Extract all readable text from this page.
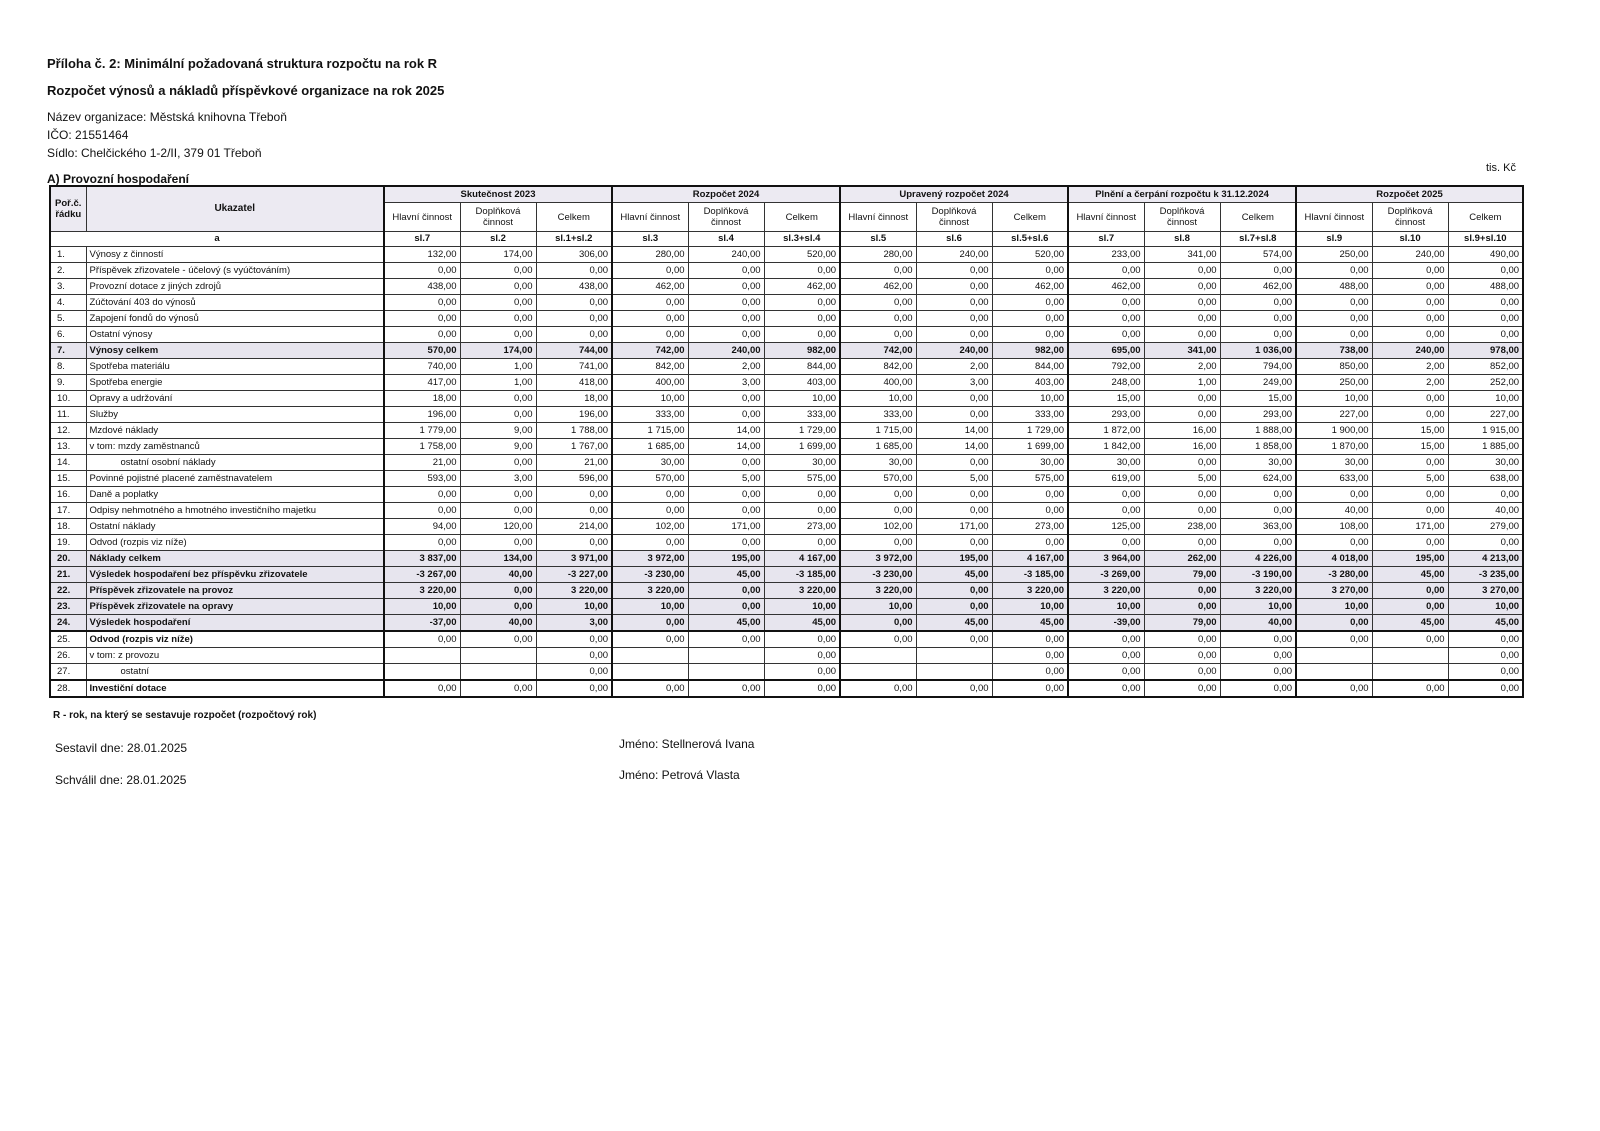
Příloha č. 2: Minimální požadovaná struktura rozpočtu na rok R
Rozpočet výnosů a nákladů příspěvkové organizace na rok 2025
Název organizace: Městská knihovna Třeboň
IČO: 21551464
Sídlo: Chelčického 1-2/II, 379 01 Třeboň
A) Provozní hospodaření
tis. Kč
Poř.č. řádku	Ukazatel	Skutečnost 2023			Rozpočet 2024			Upravený rozpočet 2024			Plnění a čerpání rozpočtu k 31.12.2024			Rozpočet 2025		
		Hlavní činnost	Doplňková činnost	Celkem	Hlavní činnost	Doplňková činnost	Celkem	Hlavní činnost	Doplňková činnost	Celkem	Hlavní činnost	Doplňková činnost	Celkem	Hlavní činnost	Doplňková činnost	Celkem
a		sl.7	sl.2	sl.1+sl.2	sl.3	sl.4	sl.3+sl.4	sl.5	sl.6	sl.5+sl.6	sl.7	sl.8	sl.7+sl.8	sl.9	sl.10	sl.9+sl.10
1.	Výnosy z činností	132,00	174,00	306,00	280,00	240,00	520,00	280,00	240,00	520,00	233,00	341,00	574,00	250,00	240,00	490,00
2.	Příspěvek zřizovatele - účelový (s vyúčtováním)	0,00	0,00	0,00	0,00	0,00	0,00	0,00	0,00	0,00	0,00	0,00	0,00	0,00	0,00	0,00
3.	Provozní dotace z jiných zdrojů	438,00	0,00	438,00	462,00	0,00	462,00	462,00	0,00	462,00	462,00	0,00	462,00	488,00	0,00	488,00
4.	Zúčtování 403 do výnosů	0,00	0,00	0,00	0,00	0,00	0,00	0,00	0,00	0,00	0,00	0,00	0,00	0,00	0,00	0,00
5.	Zapojení fondů do výnosů	0,00	0,00	0,00	0,00	0,00	0,00	0,00	0,00	0,00	0,00	0,00	0,00	0,00	0,00	0,00
6.	Ostatní výnosy	0,00	0,00	0,00	0,00	0,00	0,00	0,00	0,00	0,00	0,00	0,00	0,00	0,00	0,00	0,00
7.	Výnosy celkem	570,00	174,00	744,00	742,00	240,00	982,00	742,00	240,00	982,00	695,00	341,00	1 036,00	738,00	240,00	978,00
8.	Spotřeba materiálu	740,00	1,00	741,00	842,00	2,00	844,00	842,00	2,00	844,00	792,00	2,00	794,00	850,00	2,00	852,00
9.	Spotřeba energie	417,00	1,00	418,00	400,00	3,00	403,00	400,00	3,00	403,00	248,00	1,00	249,00	250,00	2,00	252,00
10.	Opravy a udržování	18,00	0,00	18,00	10,00	0,00	10,00	10,00	0,00	10,00	15,00	0,00	15,00	10,00	0,00	10,00
11.	Služby	196,00	0,00	196,00	333,00	0,00	333,00	333,00	0,00	333,00	293,00	0,00	293,00	227,00	0,00	227,00
12.	Mzdové náklady	1 779,00	9,00	1 788,00	1 715,00	14,00	1 729,00	1 715,00	14,00	1 729,00	1 872,00	16,00	1 888,00	1 900,00	15,00	1 915,00
13.	v tom: mzdy zaměstnanců	1 758,00	9,00	1 767,00	1 685,00	14,00	1 699,00	1 685,00	14,00	1 699,00	1 842,00	16,00	1 858,00	1 870,00	15,00	1 885,00
14.	ostatní osobní náklady	21,00	0,00	21,00	30,00	0,00	30,00	30,00	0,00	30,00	30,00	0,00	30,00	30,00	0,00	30,00
15.	Povinné pojistné placené zaměstnavatelem	593,00	3,00	596,00	570,00	5,00	575,00	570,00	5,00	575,00	619,00	5,00	624,00	633,00	5,00	638,00
16.	Daně a poplatky	0,00	0,00	0,00	0,00	0,00	0,00	0,00	0,00	0,00	0,00	0,00	0,00	0,00	0,00	0,00
17.	Odpisy nehmotného a hmotného investičního majetku	0,00	0,00	0,00	0,00	0,00	0,00	0,00	0,00	0,00	0,00	0,00	0,00	40,00	0,00	40,00
18.	Ostatní náklady	94,00	120,00	214,00	102,00	171,00	273,00	102,00	171,00	273,00	125,00	238,00	363,00	108,00	171,00	279,00
19.	Odvod (rozpis viz níže)	0,00	0,00	0,00	0,00	0,00	0,00	0,00	0,00	0,00	0,00	0,00	0,00	0,00	0,00	0,00
20.	Náklady celkem	3 837,00	134,00	3 971,00	3 972,00	195,00	4 167,00	3 972,00	195,00	4 167,00	3 964,00	262,00	4 226,00	4 018,00	195,00	4 213,00
21.	Výsledek hospodaření bez příspěvku zřizovatele	-3 267,00	40,00	-3 227,00	-3 230,00	45,00	-3 185,00	-3 230,00	45,00	-3 185,00	-3 269,00	79,00	-3 190,00	-3 280,00	45,00	-3 235,00
22.	Příspěvek zřizovatele na provoz	3 220,00	0,00	3 220,00	3 220,00	0,00	3 220,00	3 220,00	0,00	3 220,00	3 220,00	0,00	3 220,00	3 270,00	0,00	3 270,00
23.	Příspěvek zřizovatele na opravy	10,00	0,00	10,00	10,00	0,00	10,00	10,00	0,00	10,00	10,00	0,00	10,00	10,00	0,00	10,00
24.	Výsledek hospodaření	-37,00	40,00	3,00	0,00	45,00	45,00	0,00	45,00	45,00	-39,00	79,00	40,00	0,00	45,00	45,00
25.	Odvod (rozpis viz níže)	0,00	0,00	0,00	0,00	0,00	0,00	0,00	0,00	0,00	0,00	0,00	0,00	0,00	0,00	0,00
26.	v tom: z provozu			0,00			0,00			0,00	0,00	0,00	0,00			0,00
27.	ostatní			0,00			0,00			0,00	0,00	0,00	0,00			0,00
28.	Investiční dotace	0,00	0,00	0,00	0,00	0,00	0,00	0,00	0,00	0,00	0,00	0,00	0,00	0,00	0,00	0,00
R - rok, na který se sestavuje rozpočet (rozpočtový rok)
Sestavil dne: 28.01.2025
Schválil dne: 28.01.2025
Jméno: Stellnerová Ivana
Jméno: Petrová Vlasta
